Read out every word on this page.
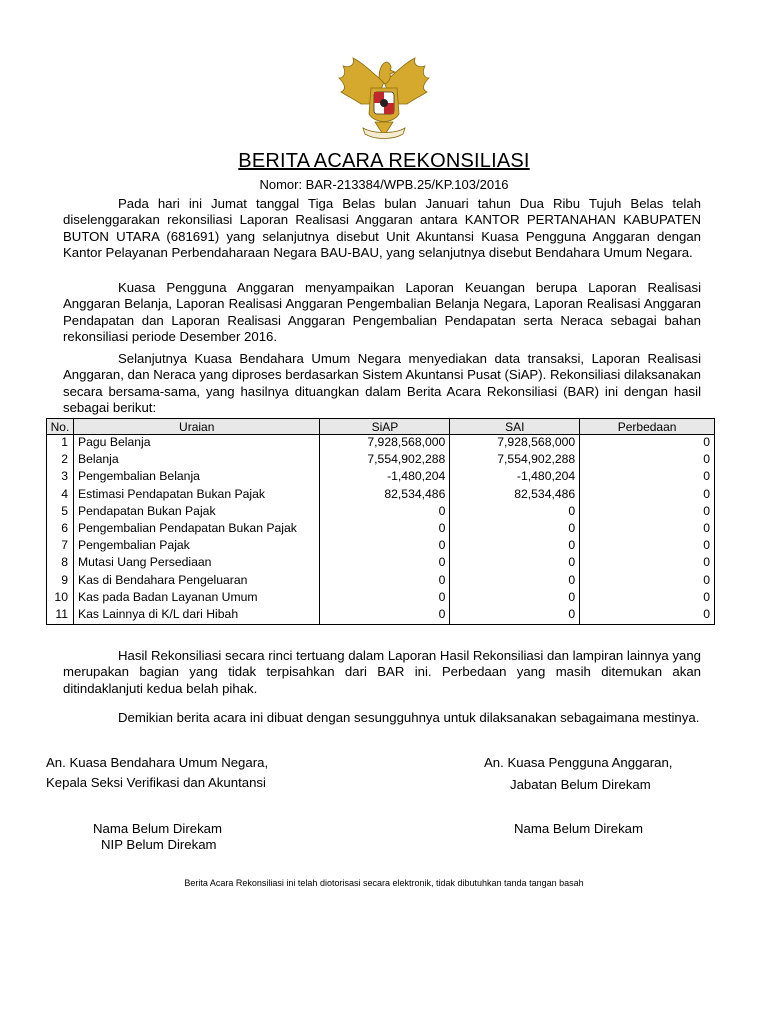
BERITA ACARA REKONSILIASI
Nomor: BAR-213384/WPB.25/KP.103/2016

Pada hari ini Jumat tanggal Tiga Belas bulan Januari tahun Dua Ribu Tujuh Belas telah diselenggarakan rekonsiliasi Laporan Realisasi Anggaran antara KANTOR PERTANAHAN KABUPATEN BUTON UTARA (681691) yang selanjutnya disebut Unit Akuntansi Kuasa Pengguna Anggaran dengan Kantor Pelayanan Perbendaharaan Negara BAU-BAU, yang selanjutnya disebut Bendahara Umum Negara.

Kuasa Pengguna Anggaran menyampaikan Laporan Keuangan berupa Laporan Realisasi Anggaran Belanja, Laporan Realisasi Anggaran Pengembalian Belanja Negara, Laporan Realisasi Anggaran Pendapatan dan Laporan Realisasi Anggaran Pengembalian Pendapatan serta Neraca sebagai bahan rekonsiliasi periode Desember 2016.

Selanjutnya Kuasa Bendahara Umum Negara menyediakan data transaksi, Laporan Realisasi Anggaran, dan Neraca yang diproses berdasarkan Sistem Akuntansi Pusat (SiAP). Rekonsiliasi dilaksanakan secara bersama-sama, yang hasilnya dituangkan dalam Berita Acara Rekonsiliasi (BAR) ini dengan hasil sebagai berikut:

No.	Uraian	SiAP	SAI	Perbedaan
1	Pagu Belanja	7,928,568,000	7,928,568,000	0
2	Belanja	7,554,902,288	7,554,902,288	0
3	Pengembalian Belanja	-1,480,204	-1,480,204	0
4	Estimasi Pendapatan Bukan Pajak	82,534,486	82,534,486	0
5	Pendapatan Bukan Pajak	0	0	0
6	Pengembalian Pendapatan Bukan Pajak	0	0	0
7	Pengembalian Pajak	0	0	0
8	Mutasi Uang Persediaan	0	0	0
9	Kas di Bendahara Pengeluaran	0	0	0
10	Kas pada Badan Layanan Umum	0	0	0
11	Kas Lainnya di K/L dari Hibah	0	0	0

Hasil Rekonsiliasi secara rinci tertuang dalam Laporan Hasil Rekonsiliasi dan lampiran lainnya yang merupakan bagian yang tidak terpisahkan dari BAR ini. Perbedaan yang masih ditemukan akan ditindaklanjuti kedua belah pihak.

Demikian berita acara ini dibuat dengan sesungguhnya untuk dilaksanakan sebagaimana mestinya.

An. Kuasa Bendahara Umum Negara,
Kepala Seksi Verifikasi dan Akuntansi
Nama Belum Direkam
NIP Belum Direkam
An. Kuasa Pengguna Anggaran,
Jabatan Belum Direkam
Nama Belum Direkam
Berita Acara Rekonsiliasi ini telah diotorisasi secara elektronik, tidak dibutuhkan tanda tangan basah
